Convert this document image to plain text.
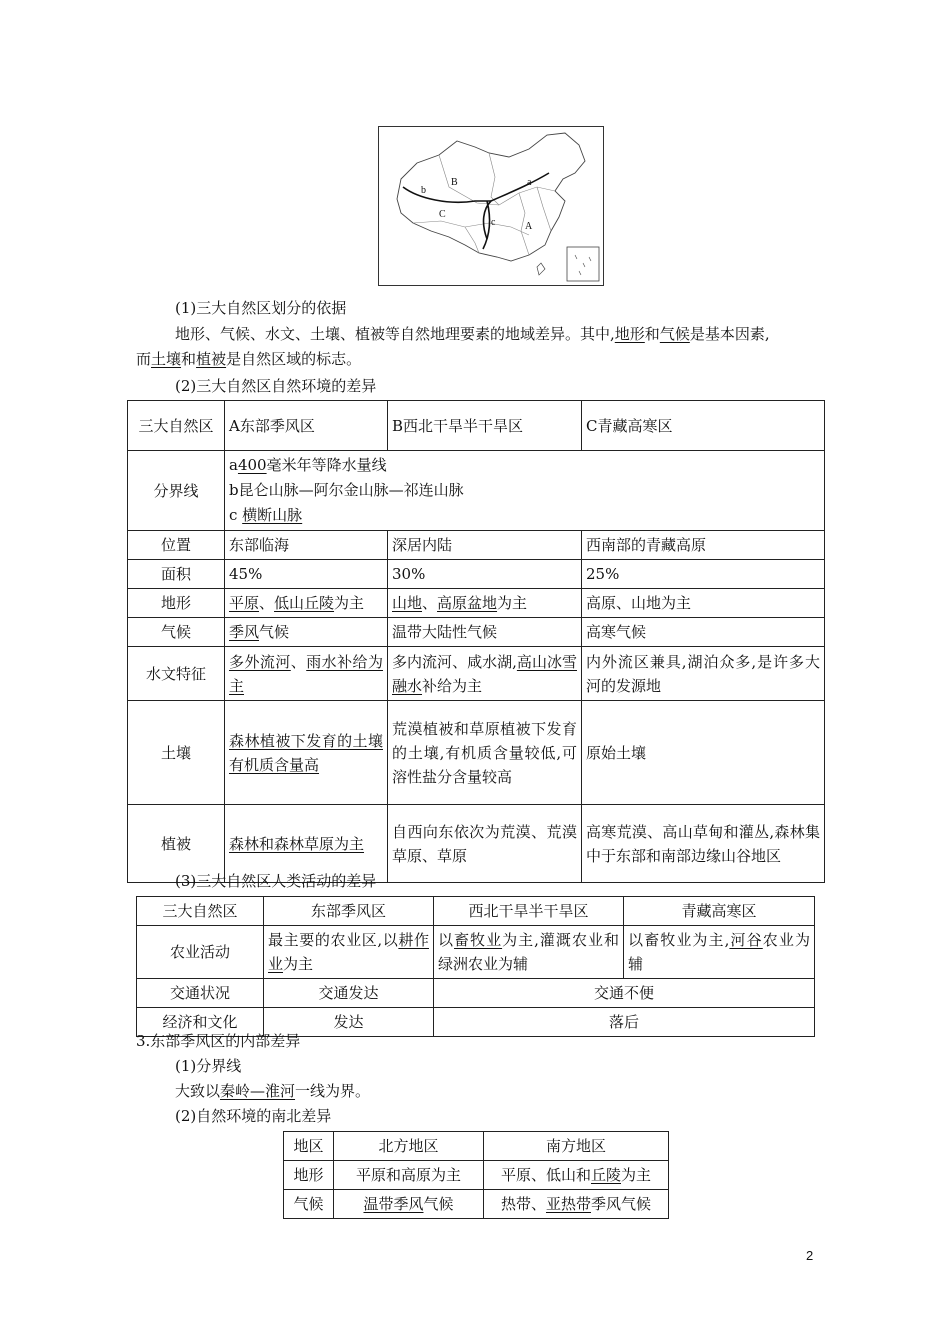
b
B
C
c
a
A
(1)三大自然区划分的依据
地形、气候、水文、土壤、植被等自然地理要素的地域差异。其中,地形和气候是基本因素,
而土壤和植被是自然区域的标志。
(2)三大自然区自然环境的差异
三大自然区	A东部季风区	B西北干旱半干旱区	C青藏高寒区
分界线	a400毫米年等降水量线
b昆仑山脉—阿尔金山脉—祁连山脉
c 横断山脉		

位置	东部临海	深居内陆	西南部的青藏高原
面积	45%	30%	25%
地形	平原、低山丘陵为主	山地、高原盆地为主	高原、山地为主
气候	季风气候	温带大陆性气候	高寒气候
水文特征	多外流河、雨水补给为主	多内流河、咸水湖,高山冰雪融水补给为主	内外流区兼具,湖泊众多,是许多大河的发源地
土壤	森林植被下发育的土壤有机质含量高	荒漠植被和草原植被下发育的土壤,有机质含量较低,可溶性盐分含量较高	原始土壤
植被	森林和森林草原为主	自西向东依次为荒漠、荒漠草原、草原	高寒荒漠、高山草甸和灌丛,森林集中于东部和南部边缘山谷地区
(3)三大自然区人类活动的差异
三大自然区	东部季风区	西北干旱半干旱区	青藏高寒区
农业活动	最主要的农业区,以耕作业为主	以畜牧业为主,灌溉农业和绿洲农业为辅	以畜牧业为主,河谷农业为辅
交通状况	交通发达	交通不便	
经济和文化	发达	落后	
3.东部季风区的内部差异
(1)分界线
大致以秦岭—淮河一线为界。
(2)自然环境的南北差异
地区	北方地区	南方地区
地形	平原和高原为主	平原、低山和丘陵为主
气候	温带季风气候	热带、亚热带季风气候
2
